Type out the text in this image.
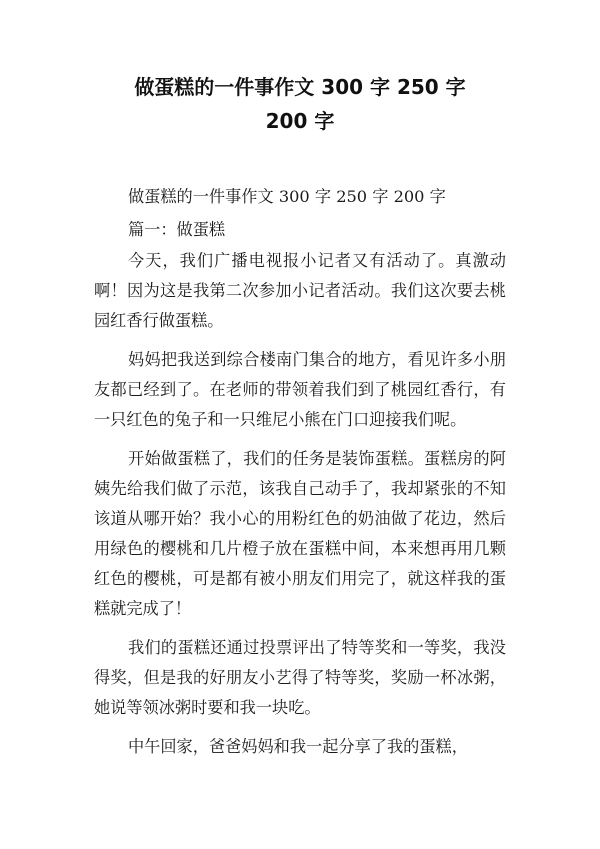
做蛋糕的一件事作文 300 字 250 字
200 字

做蛋糕的一件事作文 300 字 250 字 200 字

篇一：做蛋糕

今天，我们广播电视报小记者又有活动了。真激动啊！因为这是我第二次参加小记者活动。我们这次要去桃园红香行做蛋糕。

妈妈把我送到综合楼南门集合的地方，看见许多小朋友都已经到了。在老师的带领着我们到了桃园红香行，有一只红色的兔子和一只维尼小熊在门口迎接我们呢。

开始做蛋糕了，我们的任务是装饰蛋糕。蛋糕房的阿姨先给我们做了示范，该我自己动手了，我却紧张的不知该道从哪开始？我小心的用粉红色的奶油做了花边，然后用绿色的樱桃和几片橙子放在蛋糕中间，本来想再用几颗红色的樱桃，可是都有被小朋友们用完了，就这样我的蛋糕就完成了！

我们的蛋糕还通过投票评出了特等奖和一等奖，我没得奖，但是我的好朋友小艺得了特等奖，奖励一杯冰粥，她说等领冰粥时要和我一块吃。

中午回家，爸爸妈妈和我一起分享了我的蛋糕，
